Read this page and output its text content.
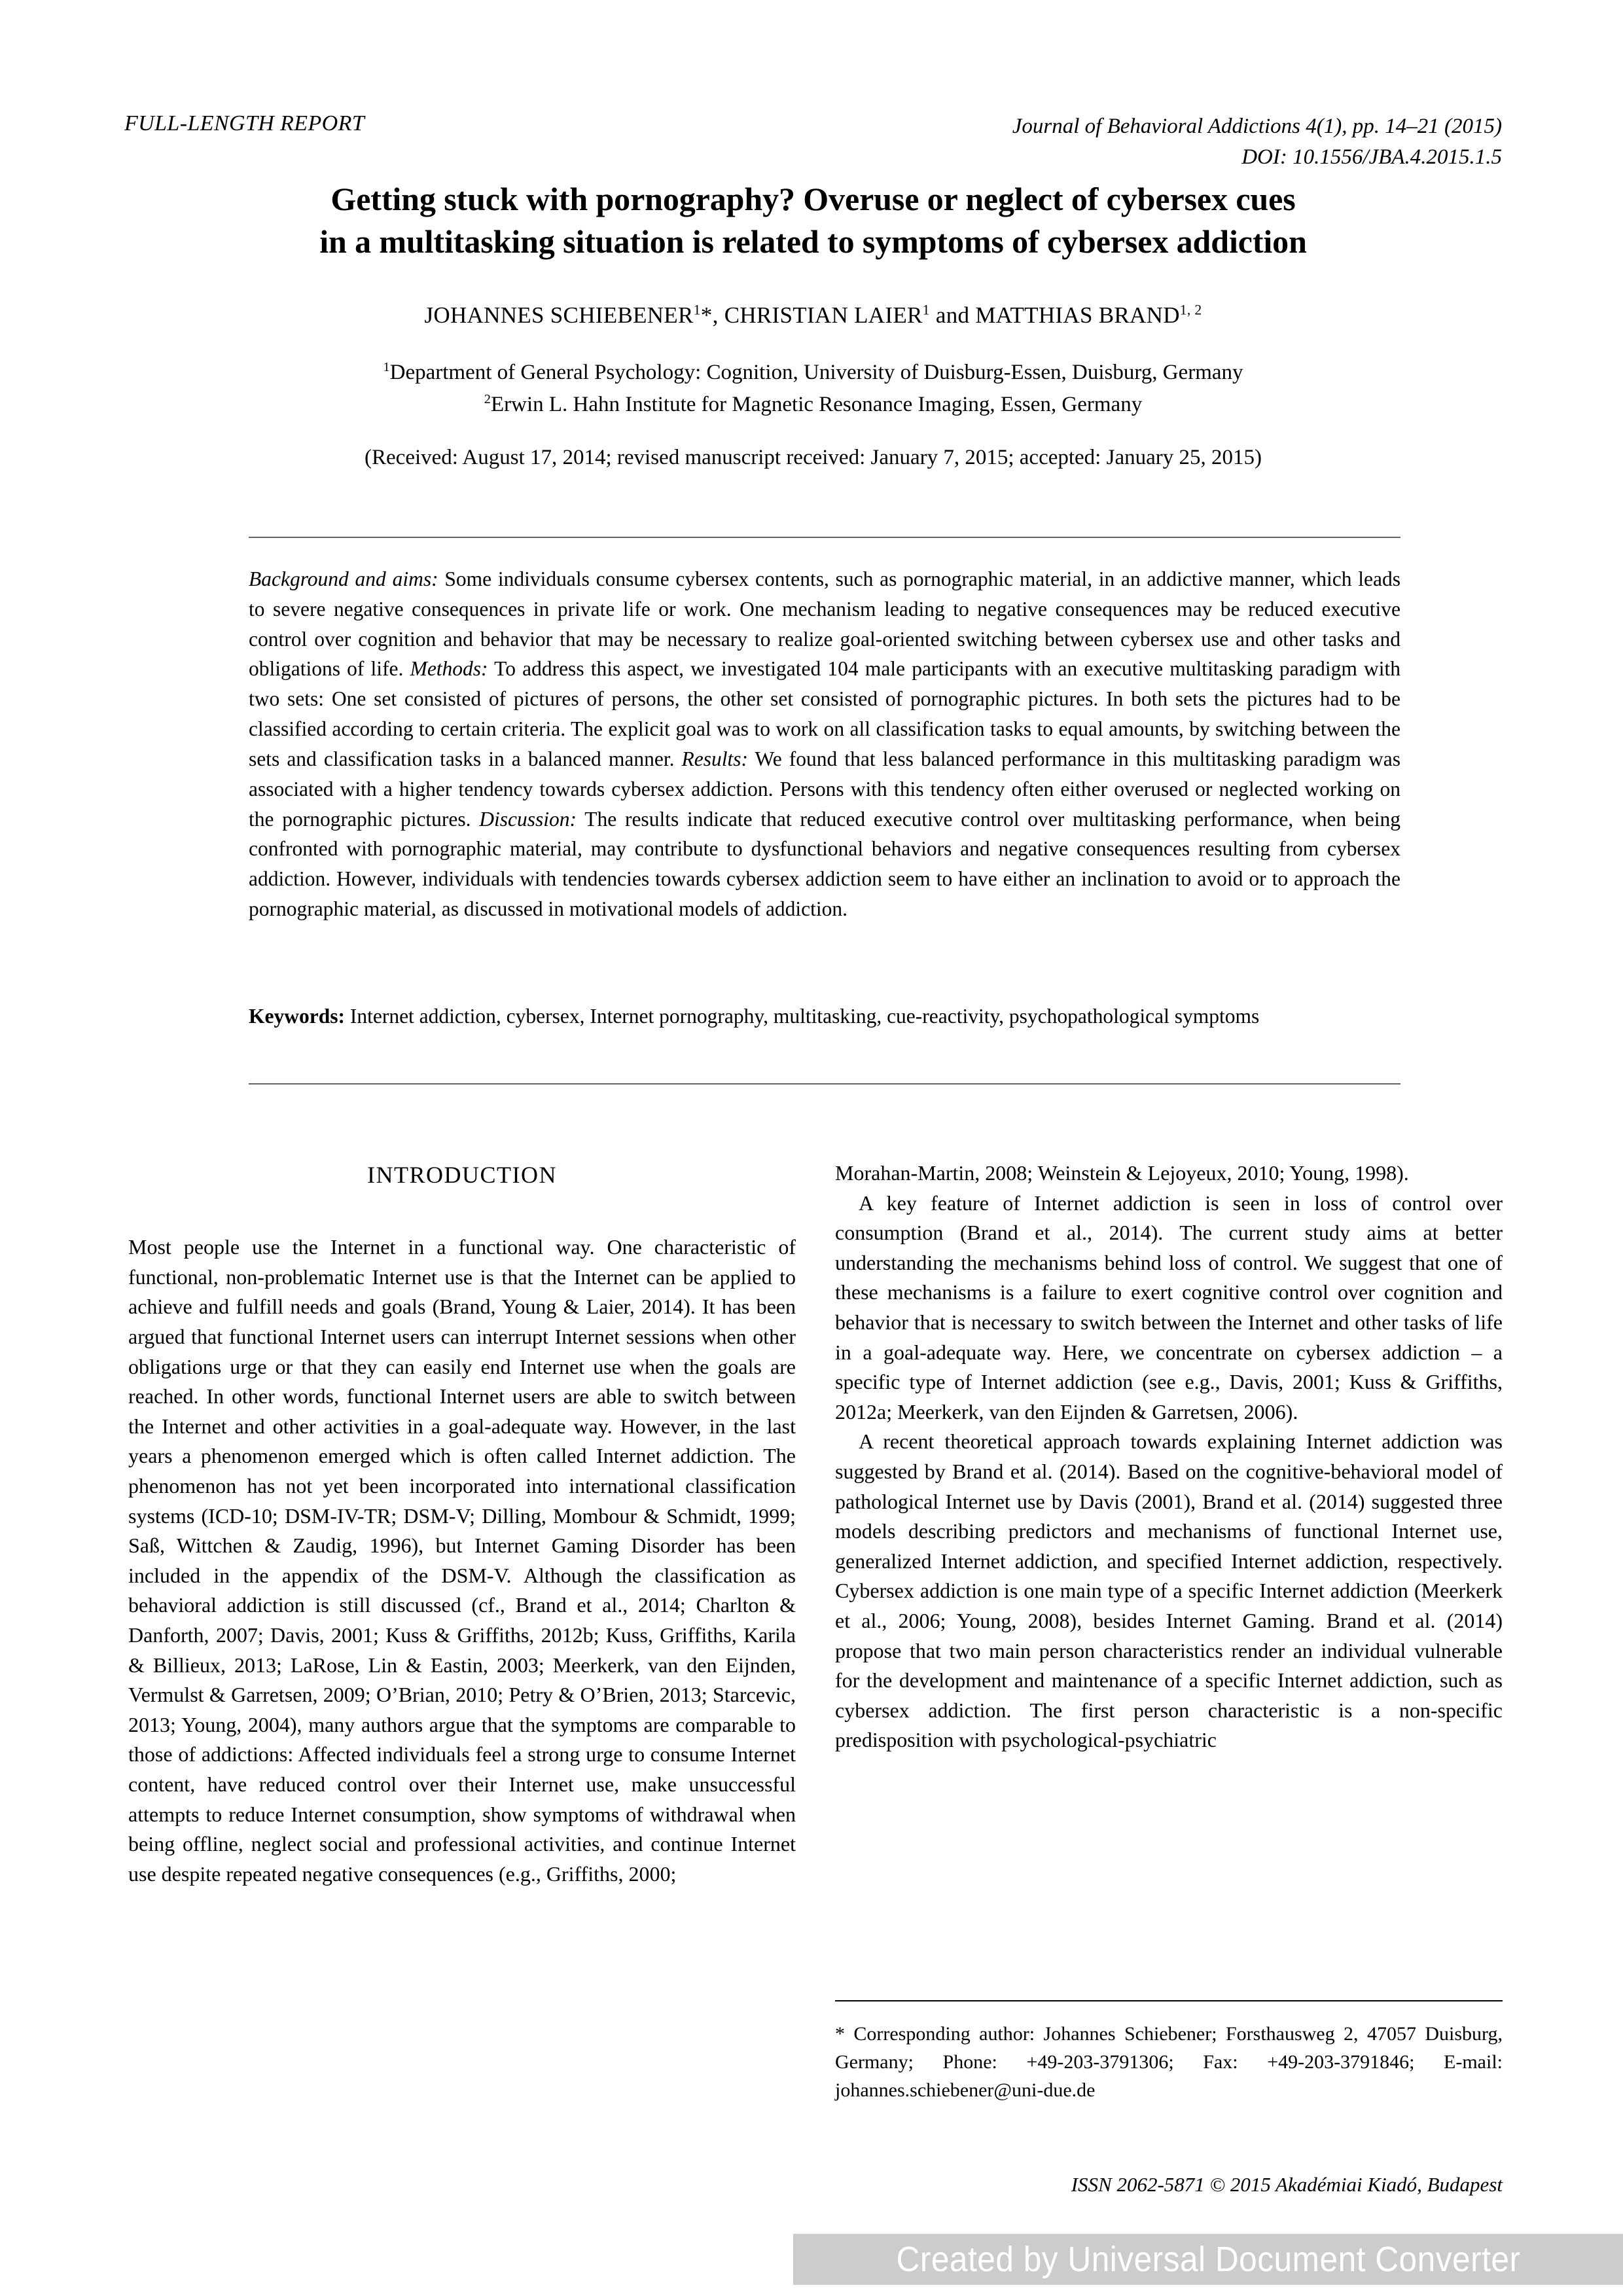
FULL-LENGTH REPORT	Journal of Behavioral Addictions 4(1), pp. 14–21 (2015)
DOI: 10.1556/JBA.4.2015.1.5
Getting stuck with pornography? Overuse or neglect of cybersex cues
in a multitasking situation is related to symptoms of cybersex addiction
JOHANNES SCHIEBENER$^1$*, CHRISTIAN LAIER$^1$ and MATTHIAS BRAND$^{1, 2}$
$^1$Department of General Psychology: Cognition, University of Duisburg-Essen, Duisburg, Germany
$^2$Erwin L. Hahn Institute for Magnetic Resonance Imaging, Essen, Germany
(Received: August 17, 2014; revised manuscript received: January 7, 2015; accepted: January 25, 2015)
Background and aims: Some individuals consume cybersex contents, such as pornographic material, in an addictive manner, which leads to severe negative consequences in private life or work. One mechanism leading to negative consequences may be reduced executive control over cognition and behavior that may be necessary to realize goal-oriented switching between cybersex use and other tasks and obligations of life. Methods: To address this aspect, we investigated 104 male participants with an executive multitasking paradigm with two sets: One set consisted of pictures of persons, the other set consisted of pornographic pictures. In both sets the pictures had to be classified according to certain criteria. The explicit goal was to work on all classification tasks to equal amounts, by switching between the sets and classification tasks in a balanced manner. Results: We found that less balanced performance in this multitasking paradigm was associated with a higher tendency towards cybersex addiction. Persons with this tendency often either overused or neglected working on the pornographic pictures. Discussion: The results indicate that reduced executive control over multitasking performance, when being confronted with pornographic material, may contribute to dysfunctional behaviors and negative consequences resulting from cybersex addiction. However, individuals with tendencies towards cybersex addiction seem to have either an inclination to avoid or to approach the pornographic material, as discussed in motivational models of addiction.
Keywords: Internet addiction, cybersex, Internet pornography, multitasking, cue-reactivity, psychopathological symptoms
INTRODUCTION

Most people use the Internet in a functional way. One characteristic of functional, non-problematic Internet use is that the Internet can be applied to achieve and fulfill needs and goals (Brand, Young & Laier, 2014). It has been argued that functional Internet users can interrupt Internet sessions when other obligations urge or that they can easily end Internet use when the goals are reached. In other words, functional Internet users are able to switch between the Internet and other activities in a goal-adequate way. However, in the last years a phenomenon emerged which is often called Internet addiction. The phenomenon has not yet been incorporated into international classification systems (ICD-10; DSM-IV-TR; DSM-V; Dilling, Mombour & Schmidt, 1999; Saß, Wittchen & Zaudig, 1996), but Internet Gaming Disorder has been included in the appendix of the DSM-V. Although the classification as behavioral addiction is still discussed (cf., Brand et al., 2014; Charlton & Danforth, 2007; Davis, 2001; Kuss & Griffiths, 2012b; Kuss, Griffiths, Karila & Billieux, 2013; LaRose, Lin & Eastin, 2003; Meerkerk, van den Eijnden, Vermulst & Garretsen, 2009; O’Brian, 2010; Petry & O’Brien, 2013; Starcevic, 2013; Young, 2004), many authors argue that the symptoms are comparable to those of addictions: Affected individuals feel a strong urge to consume Internet content, have reduced control over their Internet use, make unsuccessful attempts to reduce Internet consumption, show symptoms of withdrawal when being offline, neglect social and professional activities, and continue Internet use despite repeated negative consequences (e.g., Griffiths, 2000;

Morahan-Martin, 2008; Weinstein & Lejoyeux, 2010; Young, 1998).

A key feature of Internet addiction is seen in loss of control over consumption (Brand et al., 2014). The current study aims at better understanding the mechanisms behind loss of control. We suggest that one of these mechanisms is a failure to exert cognitive control over cognition and behavior that is necessary to switch between the Internet and other tasks of life in a goal-adequate way. Here, we concentrate on cybersex addiction – a specific type of Internet addiction (see e.g., Davis, 2001; Kuss & Griffiths, 2012a; Meerkerk, van den Eijnden & Garretsen, 2006).

A recent theoretical approach towards explaining Internet addiction was suggested by Brand et al. (2014). Based on the cognitive-behavioral model of pathological Internet use by Davis (2001), Brand et al. (2014) suggested three models describing predictors and mechanisms of functional Internet use, generalized Internet addiction, and specified Internet addiction, respectively. Cybersex addiction is one main type of a specific Internet addiction (Meerkerk et al., 2006; Young, 2008), besides Internet Gaming. Brand et al. (2014) propose that two main person characteristics render an individual vulnerable for the development and maintenance of a specific Internet addiction, such as cybersex addiction. The first person characteristic is a non-specific predisposition with psychological-psychiatric

* Corresponding author: Johannes Schiebener; Forsthausweg 2, 47057 Duisburg, Germany; Phone: +49-203-3791306; Fax: +49-203-3791846; E-mail: johannes.schiebener@uni-due.de
ISSN 2062-5871 © 2015 Akadémiai Kiadó, Budapest
Created by Universal Document Converter
